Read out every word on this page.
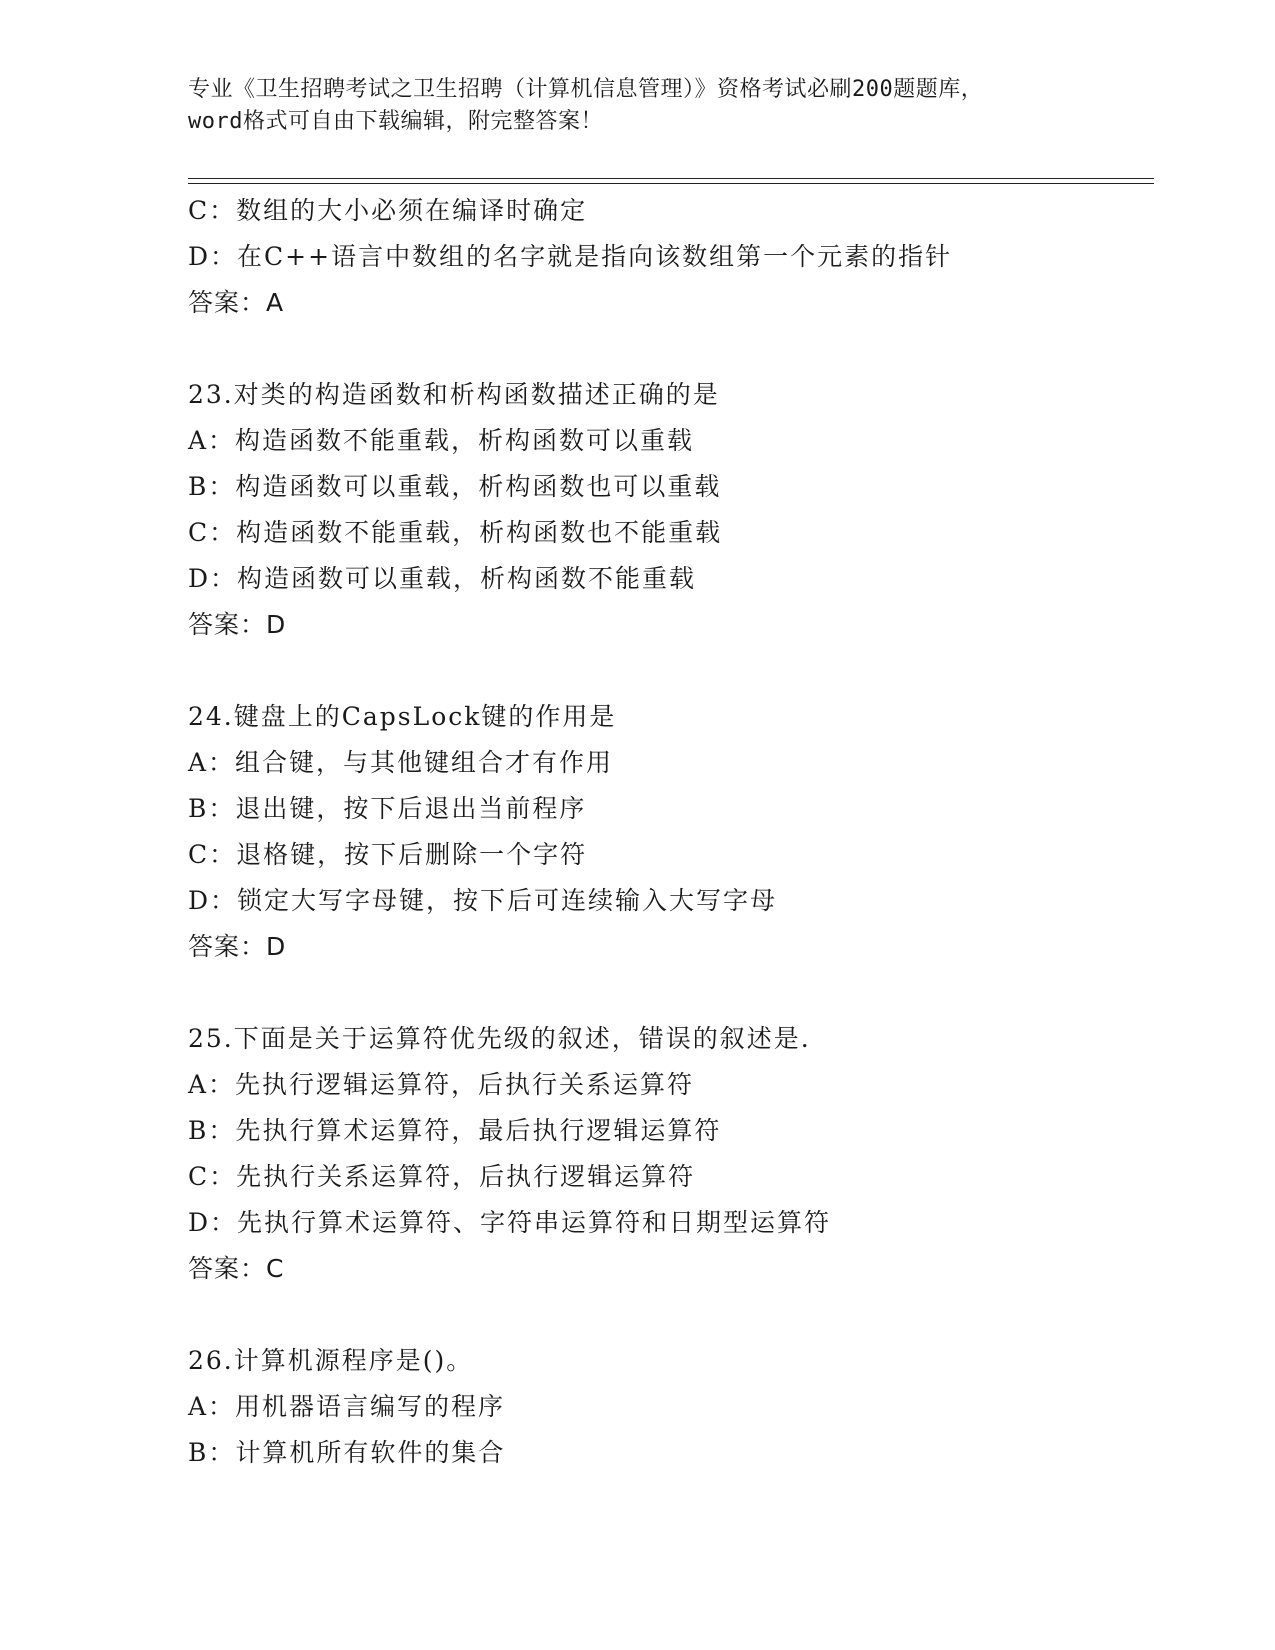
专业《卫生招聘考试之卫生招聘（计算机信息管理）》资格考试必刷200题题库，
word格式可自由下载编辑，附完整答案！
C：数组的大小必须在编译时确定
D：在C++语言中数组的名字就是指向该数组第一个元素的指针
答案：A
23.对类的构造函数和析构函数描述正确的是
A：构造函数不能重载，析构函数可以重载
B：构造函数可以重载，析构函数也可以重载
C：构造函数不能重载，析构函数也不能重载
D：构造函数可以重载，析构函数不能重载
答案：D
24.键盘上的CapsLock键的作用是
A：组合键，与其他键组合才有作用
B：退出键，按下后退出当前程序
C：退格键，按下后删除一个字符
D：锁定大写字母键，按下后可连续输入大写字母
答案：D
25.下面是关于运算符优先级的叙述，错误的叙述是.
A：先执行逻辑运算符，后执行关系运算符
B：先执行算术运算符，最后执行逻辑运算符
C：先执行关系运算符，后执行逻辑运算符
D：先执行算术运算符、字符串运算符和日期型运算符
答案：C
26.计算机源程序是()。
A：用机器语言编写的程序
B：计算机所有软件的集合
